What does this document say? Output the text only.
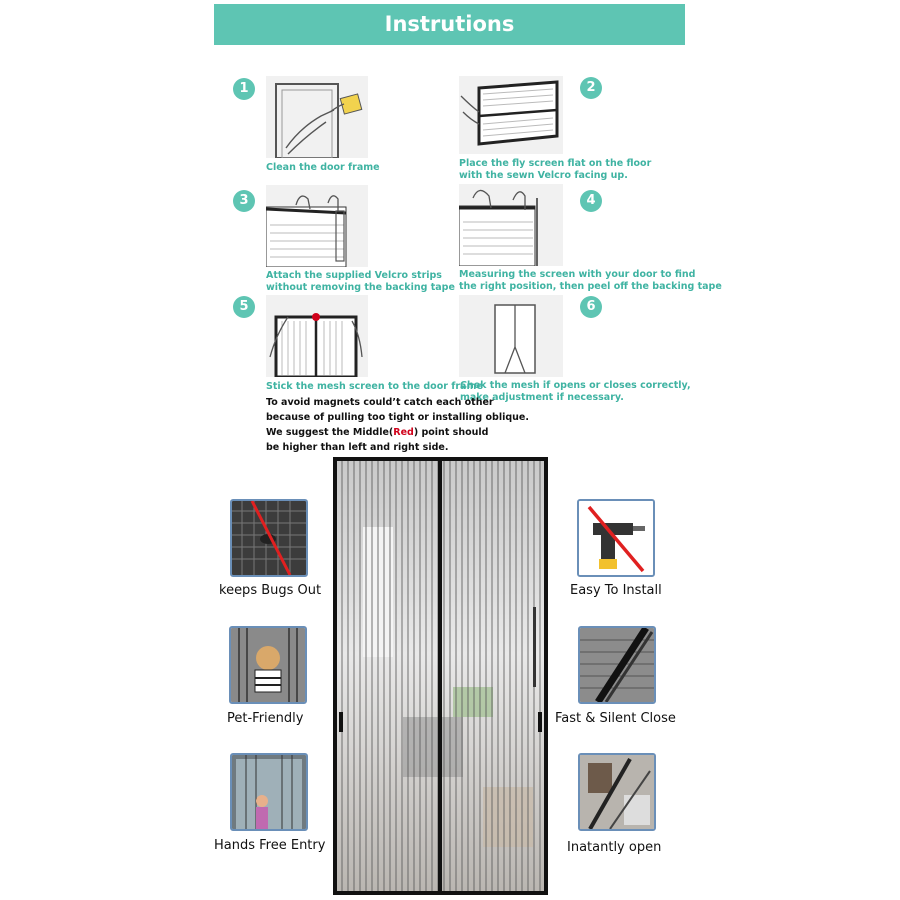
Instrutions
1
Clean the door frame
2
Place the fly screen flat on the floor
with the sewn Velcro facing up.
3
Attach the supplied Velcro strips
without removing the backing tape
4
Measuring the screen with your door to find
the right position, then peel off the backing tape
5
Stick the mesh screen to the door frame
6
Chek the mesh if opens or closes correctly,
make adjustment if necessary.
To avoid magnets could’t catch each other
because of pulling too tight or installing oblique.
We suggest the Middle(Red) point should
be higher than left and right side.
keeps Bugs Out
Pet-Friendly
Hands Free Entry
Easy To Install
Fast & Silent Close
Inatantly open
